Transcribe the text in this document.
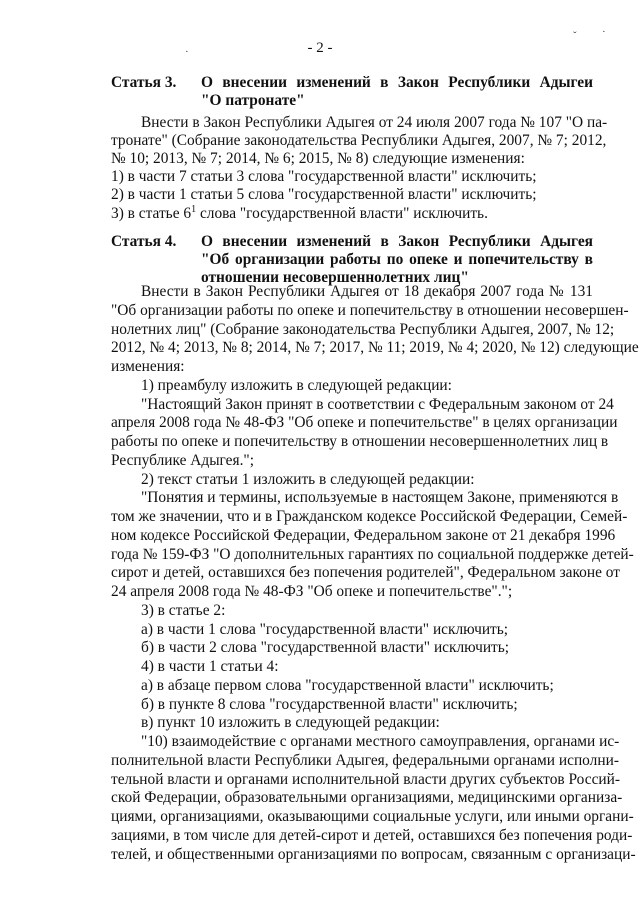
- 2 -
·
ˇ ·
Статья 3. О внесении изменений в Закон Республики Адыгеи
"О патронате"
Внести в Закон Республики Адыгея от 24 июля 2007 года № 107 "О па-
тронате" (Собрание законодательства Республики Адыгея, 2007, № 7; 2012,
№ 10; 2013, № 7; 2014, № 6; 2015, № 8) следующие изменения:
1) в части 7 статьи 3 слова "государственной власти" исключить;
2) в части 1 статьи 5 слова "государственной власти" исключить;
3) в статье $6^1$ слова "государственной власти" исключить.
Статья 4. О внесении изменений в Закон Республики Адыгея
"Об организации работы по опеке и попечительству в
отношении несовершеннолетних лиц"
Внести в Закон Республики Адыгея от 18 декабря 2007 года № 131
"Об организации работы по опеке и попечительству в отношении несовершен-
нолетних лиц" (Собрание законодательства Республики Адыгея, 2007, № 12;
2012, № 4; 2013, № 8; 2014, № 7; 2017, № 11; 2019, № 4; 2020, № 12) следующие
изменения:
1) преамбулу изложить в следующей редакции:
"Настоящий Закон принят в соответствии с Федеральным законом от 24
апреля 2008 года № 48-ФЗ "Об опеке и попечительстве" в целях организации
работы по опеке и попечительству в отношении несовершеннолетних лиц в
Республике Адыгея.";
2) текст статьи 1 изложить в следующей редакции:
"Понятия и термины, используемые в настоящем Законе, применяются в
том же значении, что и в Гражданском кодексе Российской Федерации, Семей-
ном кодексе Российской Федерации, Федеральном законе от 21 декабря 1996
года № 159-ФЗ "О дополнительных гарантиях по социальной поддержке детей-
сирот и детей, оставшихся без попечения родителей", Федеральном законе от
24 апреля 2008 года № 48-ФЗ "Об опеке и попечительстве".";
3) в статье 2:
а) в части 1 слова "государственной власти" исключить;
б) в части 2 слова "государственной власти" исключить;
4) в части 1 статьи 4:
а) в абзаце первом слова "государственной власти" исключить;
б) в пункте 8 слова "государственной власти" исключить;
в) пункт 10 изложить в следующей редакции:
"10) взаимодействие с органами местного самоуправления, органами ис-
полнительной власти Республики Адыгея, федеральными органами исполни-
тельной власти и органами исполнительной власти других субъектов Россий-
ской Федерации, образовательными организациями, медицинскими организа-
циями, организациями, оказывающими социальные услуги, или иными органи-
зациями, в том числе для детей-сирот и детей, оставшихся без попечения роди-
телей, и общественными организациями по вопросам, связанным с организаци-
